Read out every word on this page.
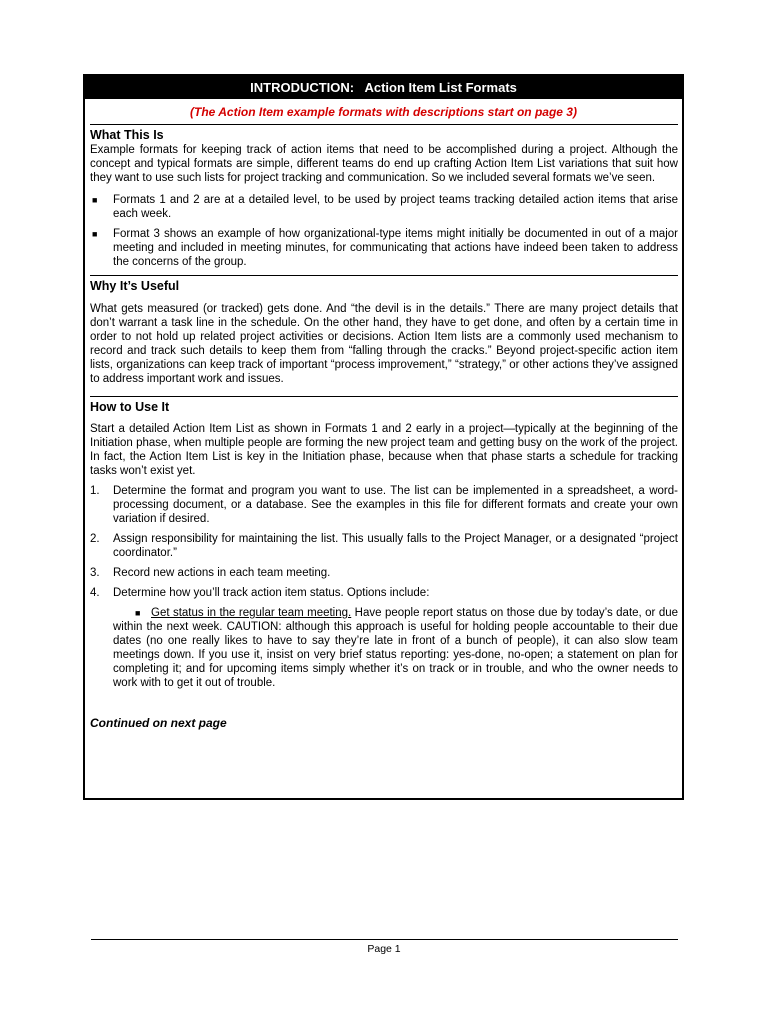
INTRODUCTION:   Action Item List Formats
(The Action Item example formats with descriptions start on page 3)
What This Is

Example formats for keeping track of action items that need to be accomplished during a project. Although the concept and typical formats are simple, different teams do end up crafting Action Item List variations that suit how they want to use such lists for project tracking and communication. So we included several formats we’ve seen.

■ Formats 1 and 2 are at a detailed level, to be used by project teams tracking detailed action items that arise each week.
■ Format 3 shows an example of how organizational-type items might initially be documented in out of a major meeting and included in meeting minutes, for communicating that actions have indeed been taken to address the concerns of the group.
Why It’s Useful

What gets measured (or tracked) gets done. And “the devil is in the details.” There are many project details that don’t warrant a task line in the schedule. On the other hand, they have to get done, and often by a certain time in order to not hold up related project activities or decisions. Action Item lists are a commonly used mechanism to record and track such details to keep them from “falling through the cracks.” Beyond project-specific action item lists, organizations can keep track of important “process improvement,” “strategy,” or other actions they’ve assigned to address important work and issues.

How to Use It

Start a detailed Action Item List as shown in Formats 1 and 2 early in a project—typically at the beginning of the Initiation phase, when multiple people are forming the new project team and getting busy on the work of the project. In fact, the Action Item List is key in the Initiation phase, because when that phase starts a schedule for tracking tasks won’t exist yet.

1. Determine the format and program you want to use. The list can be implemented in a spreadsheet, a word-processing document, or a database. See the examples in this file for different formats and create your own variation if desired.
2. Assign responsibility for maintaining the list. This usually falls to the Project Manager, or a designated “project coordinator.”
3. Record new actions in each team meeting.
4. Determine how you’ll track action item status. Options include:
■ Get status in the regular team meeting. Have people report status on those due by today’s date, or due within the next week. CAUTION: although this approach is useful for holding people accountable to their due dates (no one really likes to have to say they’re late in front of a bunch of people), it can also slow team meetings down. If you use it, insist on very brief status reporting: yes-done, no-open; a statement on plan for completing it; and for upcoming items simply whether it’s on track or in trouble, and who the owner needs to work with to get it out of trouble.
Continued on next page
Page 1
